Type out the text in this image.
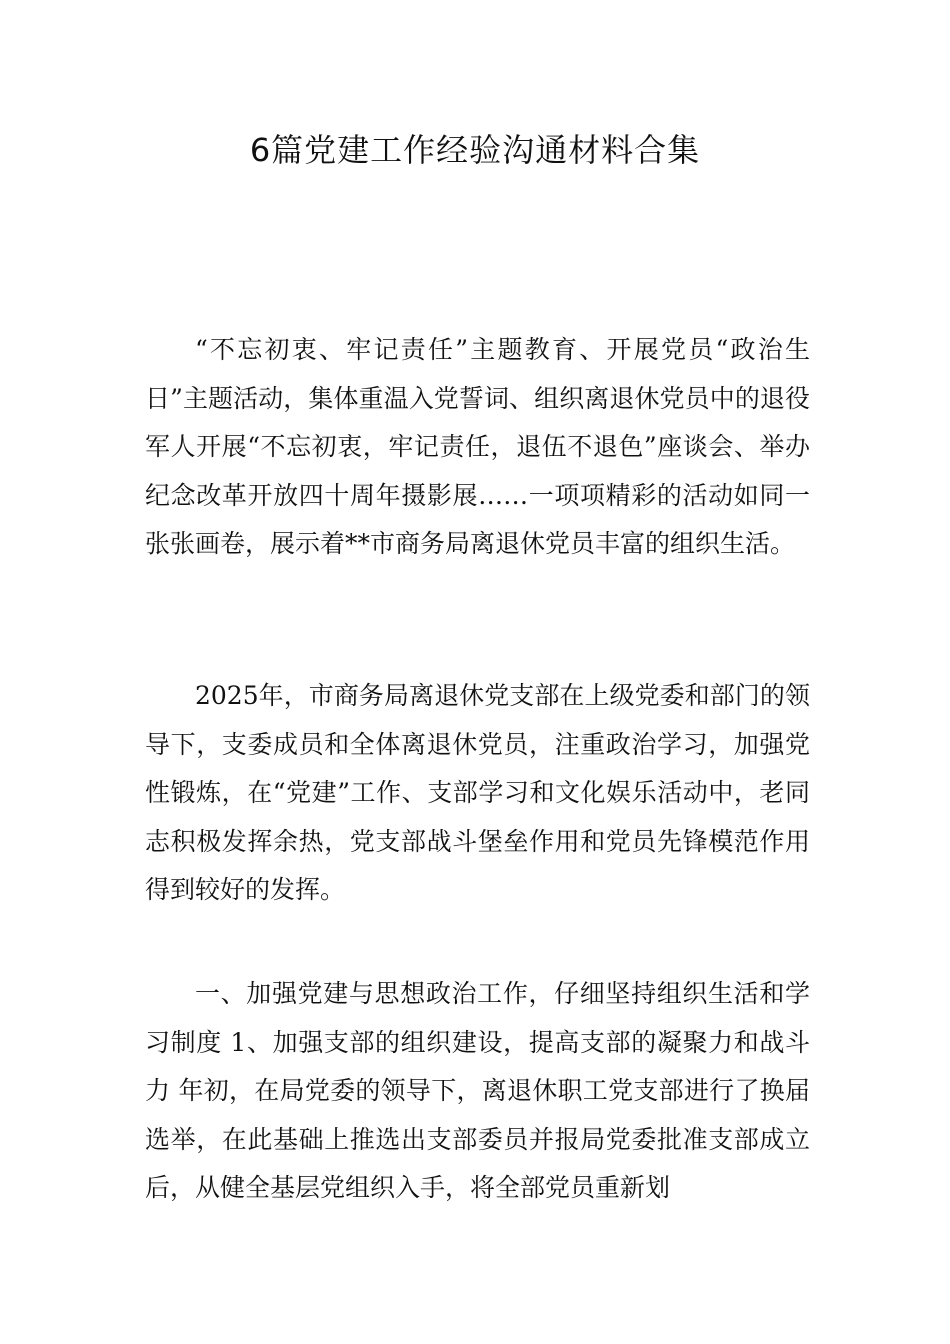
6篇党建工作经验沟通材料合集

“不忘初衷、牢记责任”主题教育、开展党员“政治生日”主题活动，集体重温入党誓词、组织离退休党员中的退役军人开展“不忘初衷，牢记责任，退伍不退色”座谈会、举办纪念改革开放四十周年摄影展……一项项精彩的活动如同一张张画卷，展示着**市商务局离退休党员丰富的组织生活。

2025年，市商务局离退休党支部在上级党委和部门的领导下，支委成员和全体离退休党员，注重政治学习，加强党性锻炼，在“党建”工作、支部学习和文化娱乐活动中，老同志积极发挥余热，党支部战斗堡垒作用和党员先锋模范作用得到较好的发挥。

一、加强党建与思想政治工作，仔细坚持组织生活和学习制度 1、加强支部的组织建设，提高支部的凝聚力和战斗力 年初，在局党委的领导下，离退休职工党支部进行了换届选举，在此基础上推选出支部委员并报局党委批准支部成立后，从健全基层党组织入手，将全部党员重新划
